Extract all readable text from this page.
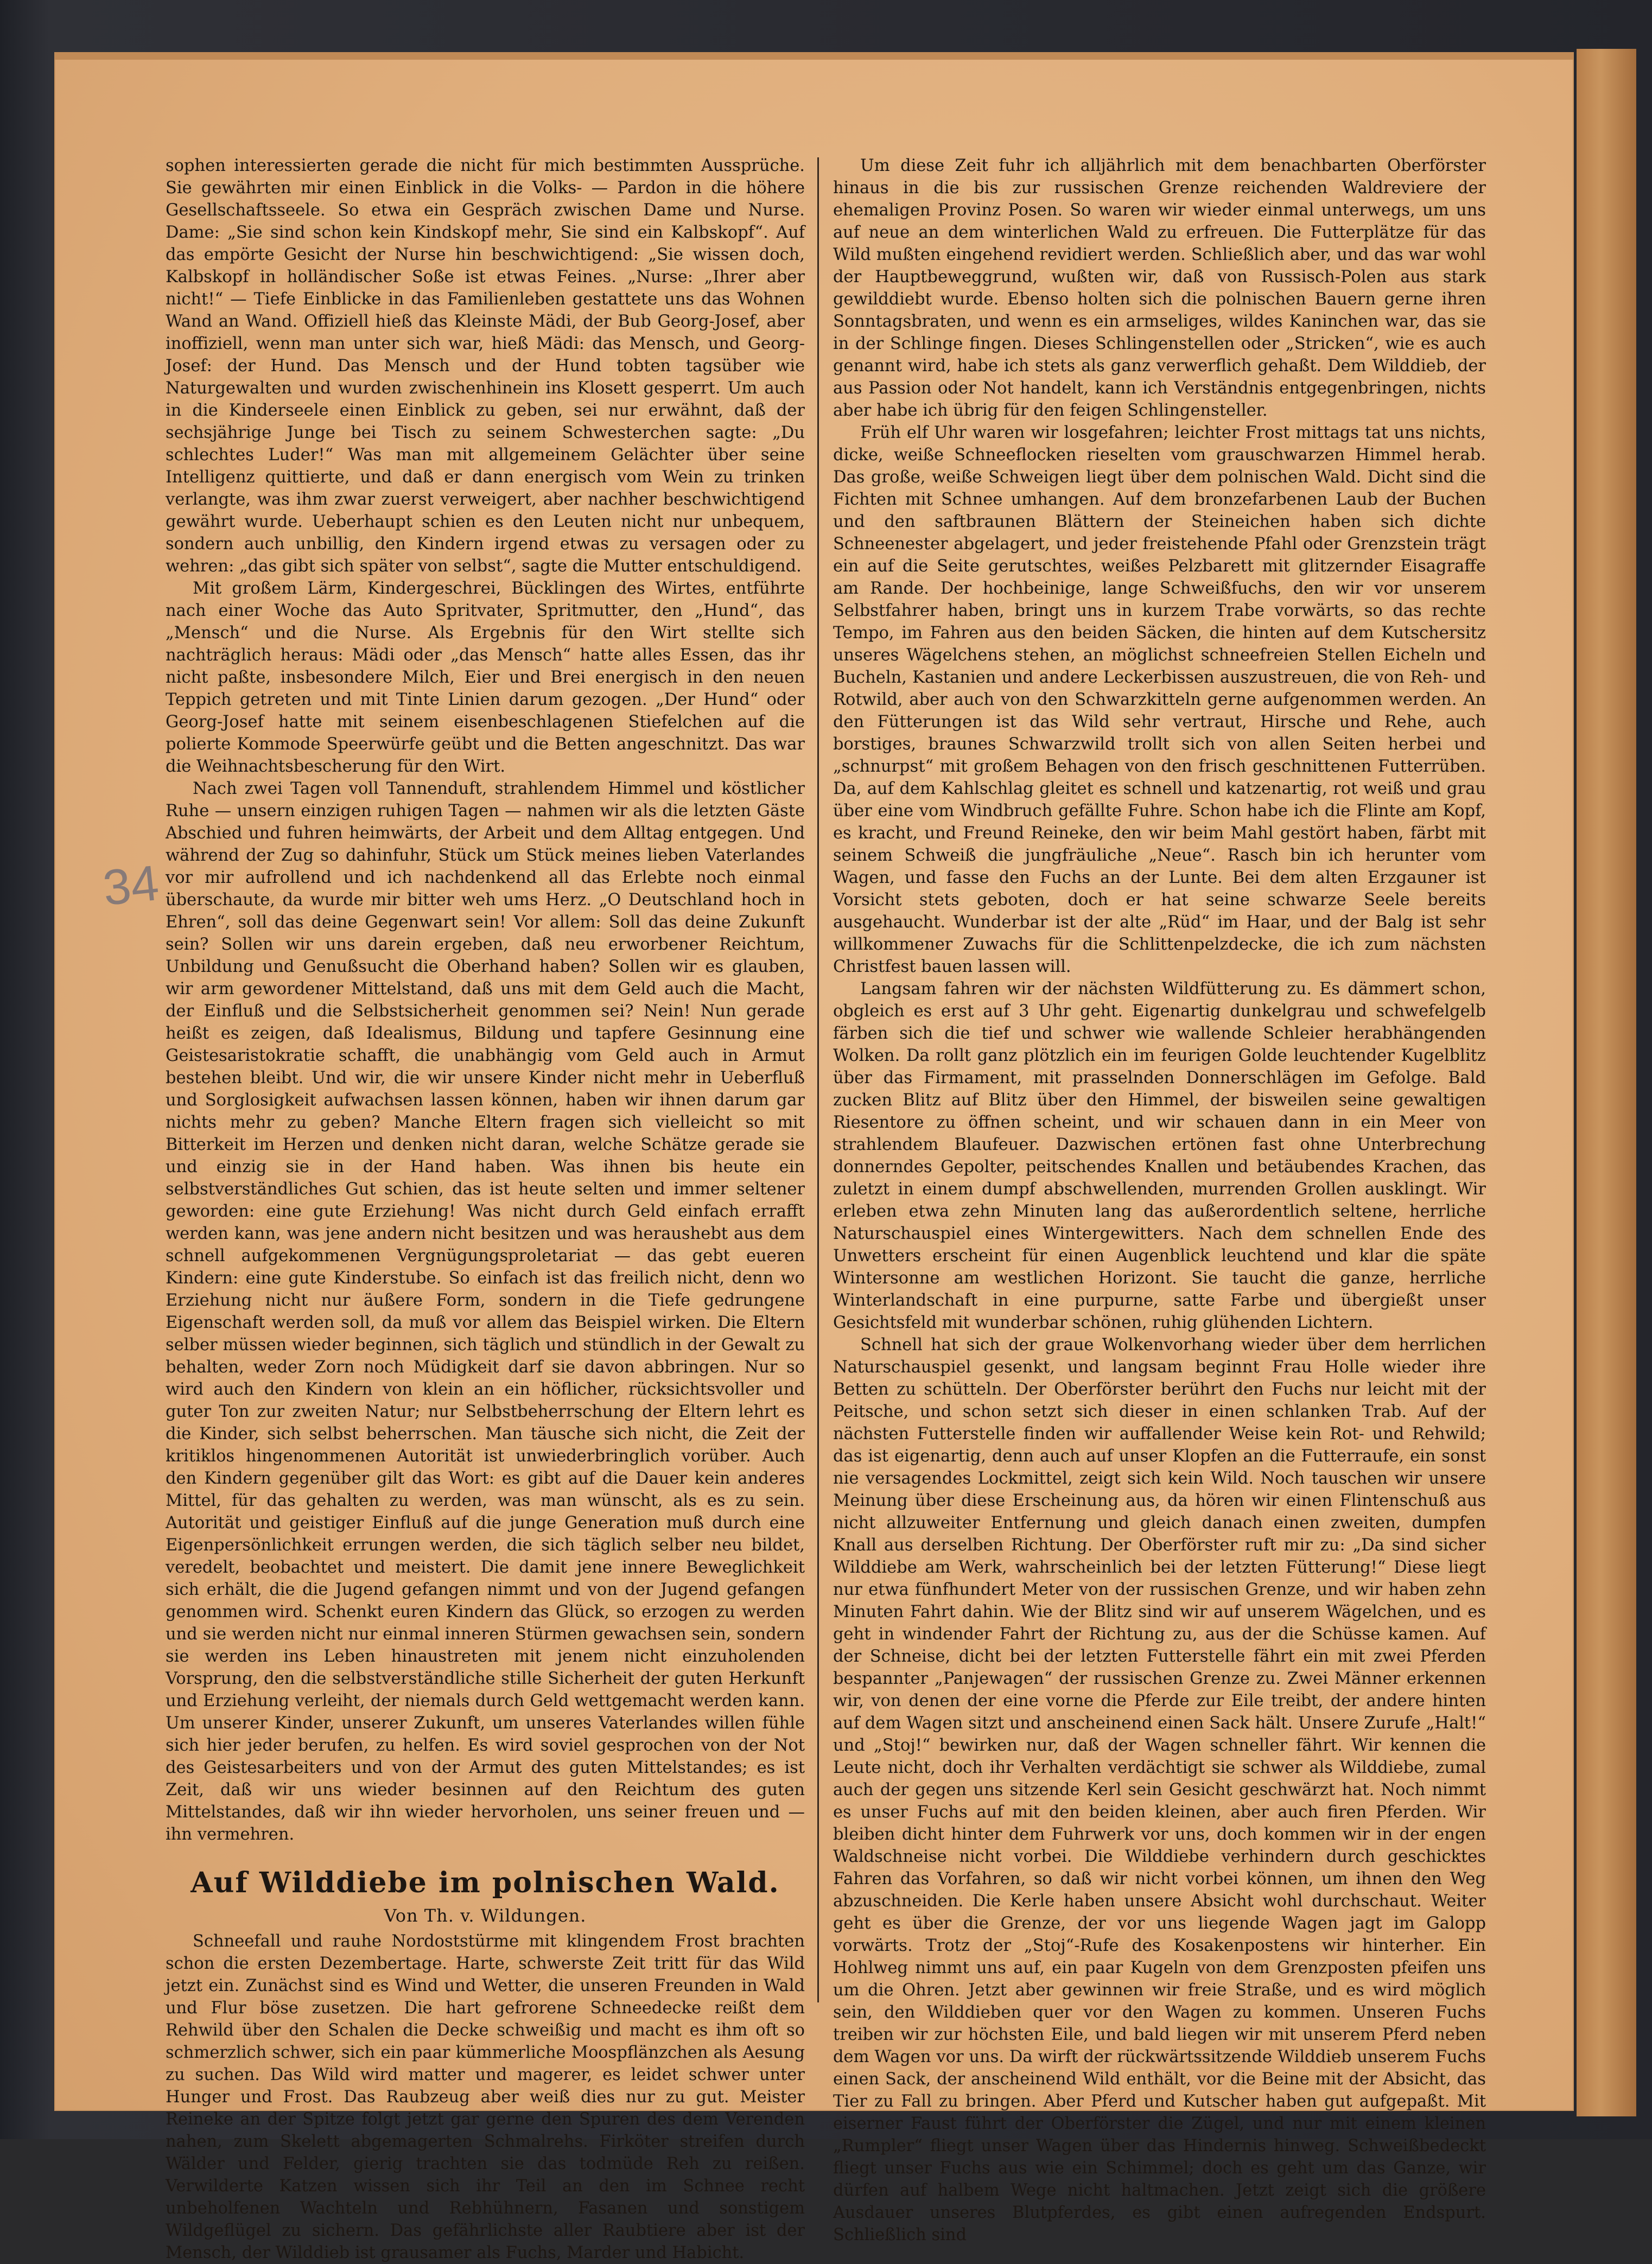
34

sophen interessierten gerade die nicht für mich bestimmten Aussprüche. Sie gewährten mir einen Einblick in die Volks- — Pardon in die höhere Gesellschaftsseele. So etwa ein Gespräch zwischen Dame und Nurse. Dame: „Sie sind schon kein Kindskopf mehr, Sie sind ein Kalbskopf“. Auf das empörte Gesicht der Nurse hin beschwichtigend: „Sie wissen doch, Kalbskopf in holländischer Soße ist etwas Feines. „Nurse: „Ihrer aber nicht!“ — Tiefe Einblicke in das Familienleben gestattete uns das Wohnen Wand an Wand. Offiziell hieß das Kleinste Mädi, der Bub Georg-Josef, aber inoffiziell, wenn man unter sich war, hieß Mädi: das Mensch, und Georg-Josef: der Hund. Das Mensch und der Hund tobten tagsüber wie Naturgewalten und wurden zwischenhinein ins Klosett gesperrt. Um auch in die Kinderseele einen Einblick zu geben, sei nur erwähnt, daß der sechsjährige Junge bei Tisch zu seinem Schwesterchen sagte: „Du schlechtes Luder!“ Was man mit allgemeinem Gelächter über seine Intelligenz quittierte, und daß er dann energisch vom Wein zu trinken verlangte, was ihm zwar zuerst verweigert, aber nachher beschwichtigend gewährt wurde. Ueberhaupt schien es den Leuten nicht nur unbequem, sondern auch unbillig, den Kindern irgend etwas zu versagen oder zu wehren: „das gibt sich später von selbst“, sagte die Mutter entschuldigend.

Mit großem Lärm, Kindergeschrei, Bücklingen des Wirtes, entführte nach einer Woche das Auto Spritvater, Spritmutter, den „Hund“, das „Mensch“ und die Nurse. Als Ergebnis für den Wirt stellte sich nachträglich heraus: Mädi oder „das Mensch“ hatte alles Essen, das ihr nicht paßte, insbesondere Milch, Eier und Brei energisch in den neuen Teppich getreten und mit Tinte Linien darum gezogen. „Der Hund“ oder Georg-Josef hatte mit seinem eisenbeschlagenen Stiefelchen auf die polierte Kommode Speerwürfe geübt und die Betten angeschnitzt. Das war die Weihnachtsbescherung für den Wirt.

Nach zwei Tagen voll Tannenduft, strahlendem Himmel und köstlicher Ruhe — unsern einzigen ruhigen Tagen — nahmen wir als die letzten Gäste Abschied und fuhren heimwärts, der Arbeit und dem Alltag entgegen. Und während der Zug so dahinfuhr, Stück um Stück meines lieben Vaterlandes vor mir aufrollend und ich nachdenkend all das Erlebte noch einmal überschaute, da wurde mir bitter weh ums Herz. „O Deutschland hoch in Ehren“, soll das deine Gegenwart sein! Vor allem: Soll das deine Zukunft sein? Sollen wir uns darein ergeben, daß neu erworbener Reichtum, Unbildung und Genußsucht die Oberhand haben? Sollen wir es glauben, wir arm gewordener Mittelstand, daß uns mit dem Geld auch die Macht, der Einfluß und die Selbstsicherheit genommen sei? Nein! Nun gerade heißt es zeigen, daß Idealismus, Bildung und tapfere Gesinnung eine Geistesaristokratie schafft, die unabhängig vom Geld auch in Armut bestehen bleibt. Und wir, die wir unsere Kinder nicht mehr in Ueberfluß und Sorglosigkeit aufwachsen lassen können, haben wir ihnen darum gar nichts mehr zu geben? Manche Eltern fragen sich vielleicht so mit Bitterkeit im Herzen und denken nicht daran, welche Schätze gerade sie und einzig sie in der Hand haben. Was ihnen bis heute ein selbstverständliches Gut schien, das ist heute selten und immer seltener geworden: eine gute Erziehung! Was nicht durch Geld einfach errafft werden kann, was jene andern nicht besitzen und was heraushebt aus dem schnell aufgekommenen Vergnügungsproletariat — das gebt eueren Kindern: eine gute Kinderstube. So einfach ist das freilich nicht, denn wo Erziehung nicht nur äußere Form, sondern in die Tiefe gedrungene Eigenschaft werden soll, da muß vor allem das Beispiel wirken. Die Eltern selber müssen wieder beginnen, sich täglich und stündlich in der Gewalt zu behalten, weder Zorn noch Müdigkeit darf sie davon abbringen. Nur so wird auch den Kindern von klein an ein höflicher, rücksichtsvoller und guter Ton zur zweiten Natur; nur Selbstbeherrschung der Eltern lehrt es die Kinder, sich selbst beherrschen. Man täusche sich nicht, die Zeit der kritiklos hingenommenen Autorität ist unwiederbringlich vorüber. Auch den Kindern gegenüber gilt das Wort: es gibt auf die Dauer kein anderes Mittel, für das gehalten zu werden, was man wünscht, als es zu sein. Autorität und geistiger Einfluß auf die junge Generation muß durch eine Eigenpersönlichkeit errungen werden, die sich täglich selber neu bildet, veredelt, beobachtet und meistert. Die damit jene innere Beweglichkeit sich erhält, die die Jugend gefangen nimmt und von der Jugend gefangen genommen wird. Schenkt euren Kindern das Glück, so erzogen zu werden und sie werden nicht nur einmal inneren Stürmen gewachsen sein, sondern sie werden ins Leben hinaustreten mit jenem nicht einzuholenden Vorsprung, den die selbstverständliche stille Sicherheit der guten Herkunft und Erziehung verleiht, der niemals durch Geld wettgemacht werden kann. Um unserer Kinder, unserer Zukunft, um unseres Vaterlandes willen fühle sich hier jeder berufen, zu helfen. Es wird soviel gesprochen von der Not des Geistesarbeiters und von der Armut des guten Mittelstandes; es ist Zeit, daß wir uns wieder besinnen auf den Reichtum des guten Mittelstandes, daß wir ihn wieder hervorholen, uns seiner freuen und — ihn vermehren.

Auf Wilddiebe im polnischen Wald.

Von Th. v. Wildungen.

Schneefall und rauhe Nordoststürme mit klingendem Frost brachten schon die ersten Dezembertage. Harte, schwerste Zeit tritt für das Wild jetzt ein. Zunächst sind es Wind und Wetter, die unseren Freunden in Wald und Flur böse zusetzen. Die hart gefrorene Schneedecke reißt dem Rehwild über den Schalen die Decke schweißig und macht es ihm oft so schmerzlich schwer, sich ein paar kümmerliche Moospflänzchen als Aesung zu suchen. Das Wild wird matter und magerer, es leidet schwer unter Hunger und Frost. Das Raubzeug aber weiß dies nur zu gut. Meister Reineke an der Spitze folgt jetzt gar gerne den Spuren des dem Verenden nahen, zum Skelett abgemagerten Schmalrehs. Firköter streifen durch Wälder und Felder, gierig trachten sie das todmüde Reh zu reißen. Verwilderte Katzen wissen sich ihr Teil an den im Schnee recht unbeholfenen Wachteln und Rebhühnern, Fasanen und sonstigem Wildgeflügel zu sichern. Das gefährlichste aller Raubtiere aber ist der Mensch, der Wilddieb ist grausamer als Fuchs, Marder und Habicht.

Um diese Zeit fuhr ich alljährlich mit dem benachbarten Oberförster hinaus in die bis zur russischen Grenze reichenden Waldreviere der ehemaligen Provinz Posen. So waren wir wieder einmal unterwegs, um uns auf neue an dem winterlichen Wald zu erfreuen. Die Futterplätze für das Wild mußten eingehend revidiert werden. Schließlich aber, und das war wohl der Hauptbeweggrund, wußten wir, daß von Russisch-Polen aus stark gewilddiebt wurde. Ebenso holten sich die polnischen Bauern gerne ihren Sonntagsbraten, und wenn es ein armseliges, wildes Kaninchen war, das sie in der Schlinge fingen. Dieses Schlingenstellen oder „Stricken“, wie es auch genannt wird, habe ich stets als ganz verwerflich gehaßt. Dem Wilddieb, der aus Passion oder Not handelt, kann ich Verständnis entgegenbringen, nichts aber habe ich übrig für den feigen Schlingensteller.

Früh elf Uhr waren wir losgefahren; leichter Frost mittags tat uns nichts, dicke, weiße Schneeflocken rieselten vom grauschwarzen Himmel herab. Das große, weiße Schweigen liegt über dem polnischen Wald. Dicht sind die Fichten mit Schnee umhangen. Auf dem bronzefarbenen Laub der Buchen und den saftbraunen Blättern der Steineichen haben sich dichte Schneenester abgelagert, und jeder freistehende Pfahl oder Grenzstein trägt ein auf die Seite gerutschtes, weißes Pelzbarett mit glitzernder Eisagraffe am Rande. Der hochbeinige, lange Schweißfuchs, den wir vor unserem Selbstfahrer haben, bringt uns in kurzem Trabe vorwärts, so das rechte Tempo, im Fahren aus den beiden Säcken, die hinten auf dem Kutschersitz unseres Wägelchens stehen, an möglichst schneefreien Stellen Eicheln und Bucheln, Kastanien und andere Leckerbissen auszustreuen, die von Reh- und Rotwild, aber auch von den Schwarzkitteln gerne aufgenommen werden. An den Fütterungen ist das Wild sehr vertraut, Hirsche und Rehe, auch borstiges, braunes Schwarzwild trollt sich von allen Seiten herbei und „schnurpst“ mit großem Behagen von den frisch geschnittenen Futterrüben. Da, auf dem Kahlschlag gleitet es schnell und katzenartig, rot weiß und grau über eine vom Windbruch gefällte Fuhre. Schon habe ich die Flinte am Kopf, es kracht, und Freund Reineke, den wir beim Mahl gestört haben, färbt mit seinem Schweiß die jungfräuliche „Neue“. Rasch bin ich herunter vom Wagen, und fasse den Fuchs an der Lunte. Bei dem alten Erzgauner ist Vorsicht stets geboten, doch er hat seine schwarze Seele bereits ausgehaucht. Wunderbar ist der alte „Rüd“ im Haar, und der Balg ist sehr willkommener Zuwachs für die Schlittenpelzdecke, die ich zum nächsten Christfest bauen lassen will.

Langsam fahren wir der nächsten Wildfütterung zu. Es dämmert schon, obgleich es erst auf 3 Uhr geht. Eigenartig dunkelgrau und schwefelgelb färben sich die tief und schwer wie wallende Schleier herabhängenden Wolken. Da rollt ganz plötzlich ein im feurigen Golde leuchtender Kugelblitz über das Firmament, mit prasselnden Donnerschlägen im Gefolge. Bald zucken Blitz auf Blitz über den Himmel, der bisweilen seine gewaltigen Riesentore zu öffnen scheint, und wir schauen dann in ein Meer von strahlendem Blaufeuer. Dazwischen ertönen fast ohne Unterbrechung donnerndes Gepolter, peitschendes Knallen und betäubendes Krachen, das zuletzt in einem dumpf abschwellenden, murrenden Grollen ausklingt. Wir erleben etwa zehn Minuten lang das außerordentlich seltene, herrliche Naturschauspiel eines Wintergewitters. Nach dem schnellen Ende des Unwetters erscheint für einen Augenblick leuchtend und klar die späte Wintersonne am westlichen Horizont. Sie taucht die ganze, herrliche Winterlandschaft in eine purpurne, satte Farbe und übergießt unser Gesichtsfeld mit wunderbar schönen, ruhig glühenden Lichtern.

Schnell hat sich der graue Wolkenvorhang wieder über dem herrlichen Naturschauspiel gesenkt, und langsam beginnt Frau Holle wieder ihre Betten zu schütteln. Der Oberförster berührt den Fuchs nur leicht mit der Peitsche, und schon setzt sich dieser in einen schlanken Trab. Auf der nächsten Futterstelle finden wir auffallender Weise kein Rot- und Rehwild; das ist eigenartig, denn auch auf unser Klopfen an die Futterraufe, ein sonst nie versagendes Lockmittel, zeigt sich kein Wild. Noch tauschen wir unsere Meinung über diese Erscheinung aus, da hören wir einen Flintenschuß aus nicht allzuweiter Entfernung und gleich danach einen zweiten, dumpfen Knall aus derselben Richtung. Der Oberförster ruft mir zu: „Da sind sicher Wilddiebe am Werk, wahrscheinlich bei der letzten Fütterung!“ Diese liegt nur etwa fünfhundert Meter von der russischen Grenze, und wir haben zehn Minuten Fahrt dahin. Wie der Blitz sind wir auf unserem Wägelchen, und es geht in windender Fahrt der Richtung zu, aus der die Schüsse kamen. Auf der Schneise, dicht bei der letzten Futterstelle fährt ein mit zwei Pferden bespannter „Panjewagen“ der russischen Grenze zu. Zwei Männer erkennen wir, von denen der eine vorne die Pferde zur Eile treibt, der andere hinten auf dem Wagen sitzt und anscheinend einen Sack hält. Unsere Zurufe „Halt!“ und „Stoj!“ bewirken nur, daß der Wagen schneller fährt. Wir kennen die Leute nicht, doch ihr Verhalten verdächtigt sie schwer als Wilddiebe, zumal auch der gegen uns sitzende Kerl sein Gesicht geschwärzt hat. Noch nimmt es unser Fuchs auf mit den beiden kleinen, aber auch firen Pferden. Wir bleiben dicht hinter dem Fuhrwerk vor uns, doch kommen wir in der engen Waldschneise nicht vorbei. Die Wilddiebe verhindern durch geschicktes Fahren das Vorfahren, so daß wir nicht vorbei können, um ihnen den Weg abzuschneiden. Die Kerle haben unsere Absicht wohl durchschaut. Weiter geht es über die Grenze, der vor uns liegende Wagen jagt im Galopp vorwärts. Trotz der „Stoj“-Rufe des Kosakenpostens wir hinterher. Ein Hohlweg nimmt uns auf, ein paar Kugeln von dem Grenzposten pfeifen uns um die Ohren. Jetzt aber gewinnen wir freie Straße, und es wird möglich sein, den Wilddieben quer vor den Wagen zu kommen. Unseren Fuchs treiben wir zur höchsten Eile, und bald liegen wir mit unserem Pferd neben dem Wagen vor uns. Da wirft der rückwärtssitzende Wilddieb unserem Fuchs einen Sack, der anscheinend Wild enthält, vor die Beine mit der Absicht, das Tier zu Fall zu bringen. Aber Pferd und Kutscher haben gut aufgepaßt. Mit eiserner Faust führt der Oberförster die Zügel, und nur mit einem kleinen „Rumpler“ fliegt unser Wagen über das Hindernis hinweg. Schweißbedeckt fliegt unser Fuchs aus wie ein Schimmel; doch es geht um das Ganze, wir dürfen auf halbem Wege nicht haltmachen. Jetzt zeigt sich die größere Ausdauer unseres Blutpferdes, es gibt einen aufregenden Endspurt. Schließlich sind
